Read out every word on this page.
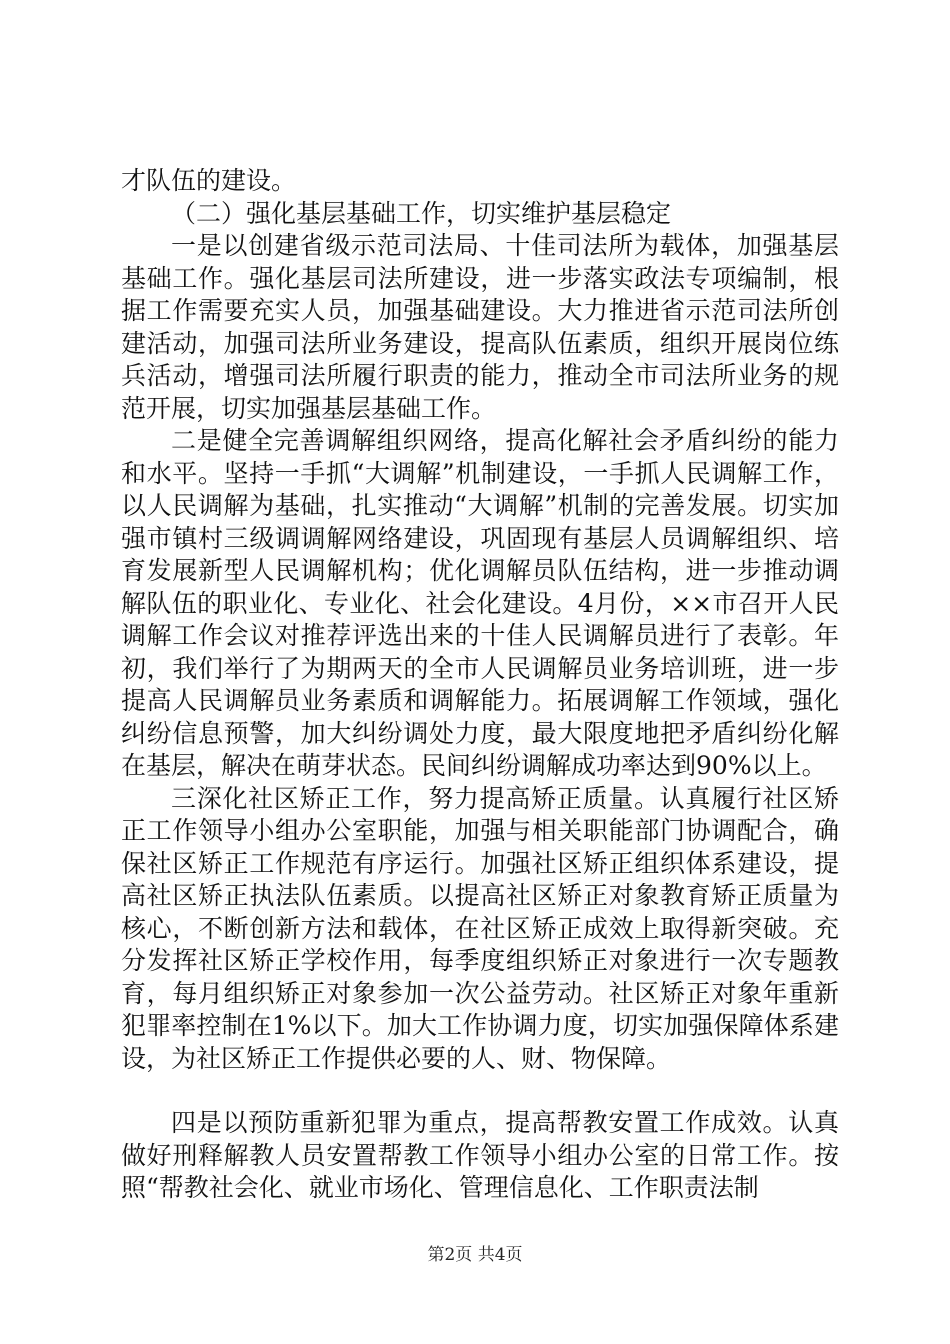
才队伍的建设。

（二）强化基层基础工作，切实维护基层稳定

一是以创建省级示范司法局、十佳司法所为载体，加强基层基础工作。强化基层司法所建设，进一步落实政法专项编制，根据工作需要充实人员，加强基础建设。大力推进省示范司法所创建活动，加强司法所业务建设，提高队伍素质，组织开展岗位练兵活动，增强司法所履行职责的能力，推动全市司法所业务的规范开展，切实加强基层基础工作。

二是健全完善调解组织网络，提高化解社会矛盾纠纷的能力和水平。坚持一手抓“大调解”机制建设，一手抓人民调解工作，以人民调解为基础，扎实推动“大调解”机制的完善发展。切实加强市镇村三级调调解网络建设，巩固现有基层人员调解组织、培育发展新型人民调解机构；优化调解员队伍结构，进一步推动调解队伍的职业化、专业化、社会化建设。4月份，××市召开人民调解工作会议对推荐评选出来的十佳人民调解员进行了表彰。年初，我们举行了为期两天的全市人民调解员业务培训班，进一步提高人民调解员业务素质和调解能力。拓展调解工作领域，强化纠纷信息预警，加大纠纷调处力度，最大限度地把矛盾纠纷化解在基层，解决在萌芽状态。民间纠纷调解成功率达到90%以上。

三深化社区矫正工作，努力提高矫正质量。认真履行社区矫正工作领导小组办公室职能，加强与相关职能部门协调配合，确保社区矫正工作规范有序运行。加强社区矫正组织体系建设，提高社区矫正执法队伍素质。以提高社区矫正对象教育矫正质量为核心，不断创新方法和载体，在社区矫正成效上取得新突破。充分发挥社区矫正学校作用，每季度组织矫正对象进行一次专题教育，每月组织矫正对象参加一次公益劳动。社区矫正对象年重新犯罪率控制在1%以下。加大工作协调力度，切实加强保障体系建设，为社区矫正工作提供必要的人、财、物保障。

四是以预防重新犯罪为重点，提高帮教安置工作成效。认真做好刑释解教人员安置帮教工作领导小组办公室的日常工作。按照“帮教社会化、就业市场化、管理信息化、工作职责法制

第2页 共4页
